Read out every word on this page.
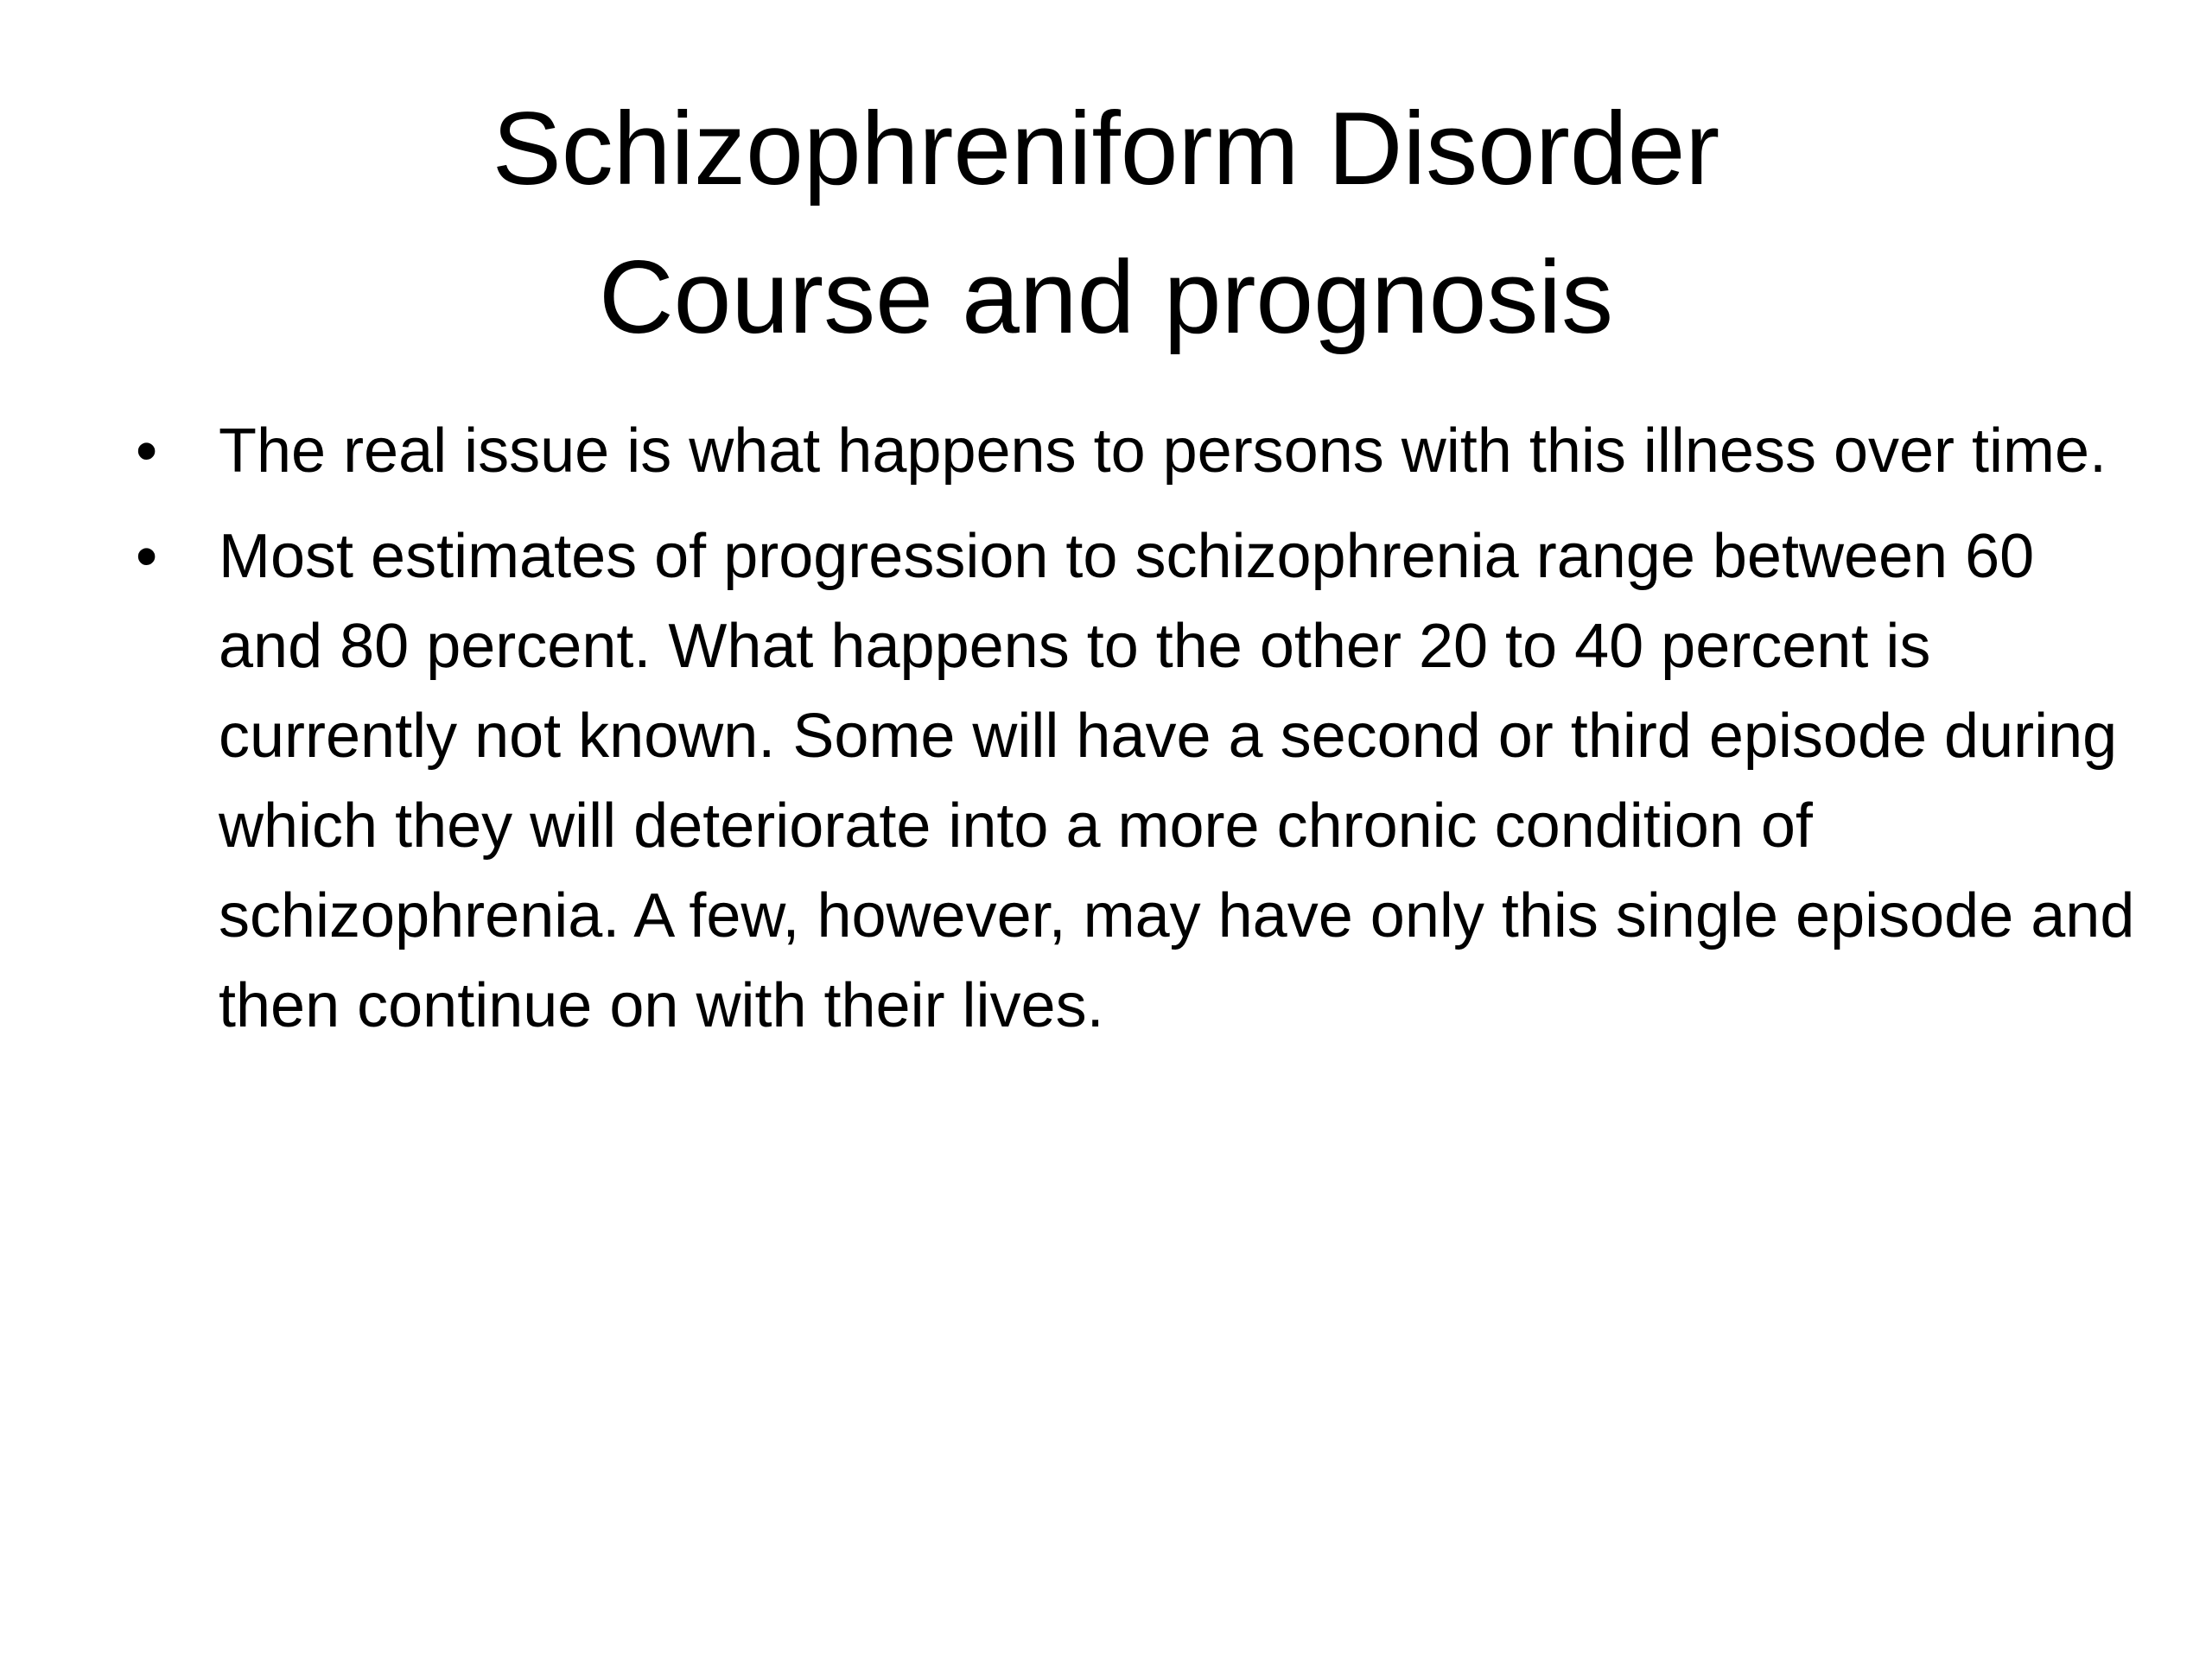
Schizophreniform Disorder
Course and prognosis
• The real issue is what happens to persons with this illness over time.
• Most estimates of progression to schizophrenia range between 60 and 80 percent. What happens to the other 20 to 40 percent is currently not known. Some will have a second or third episode during which they will deteriorate into a more chronic condition of schizophrenia. A few, however, may have only this single episode and then continue on with their lives.
